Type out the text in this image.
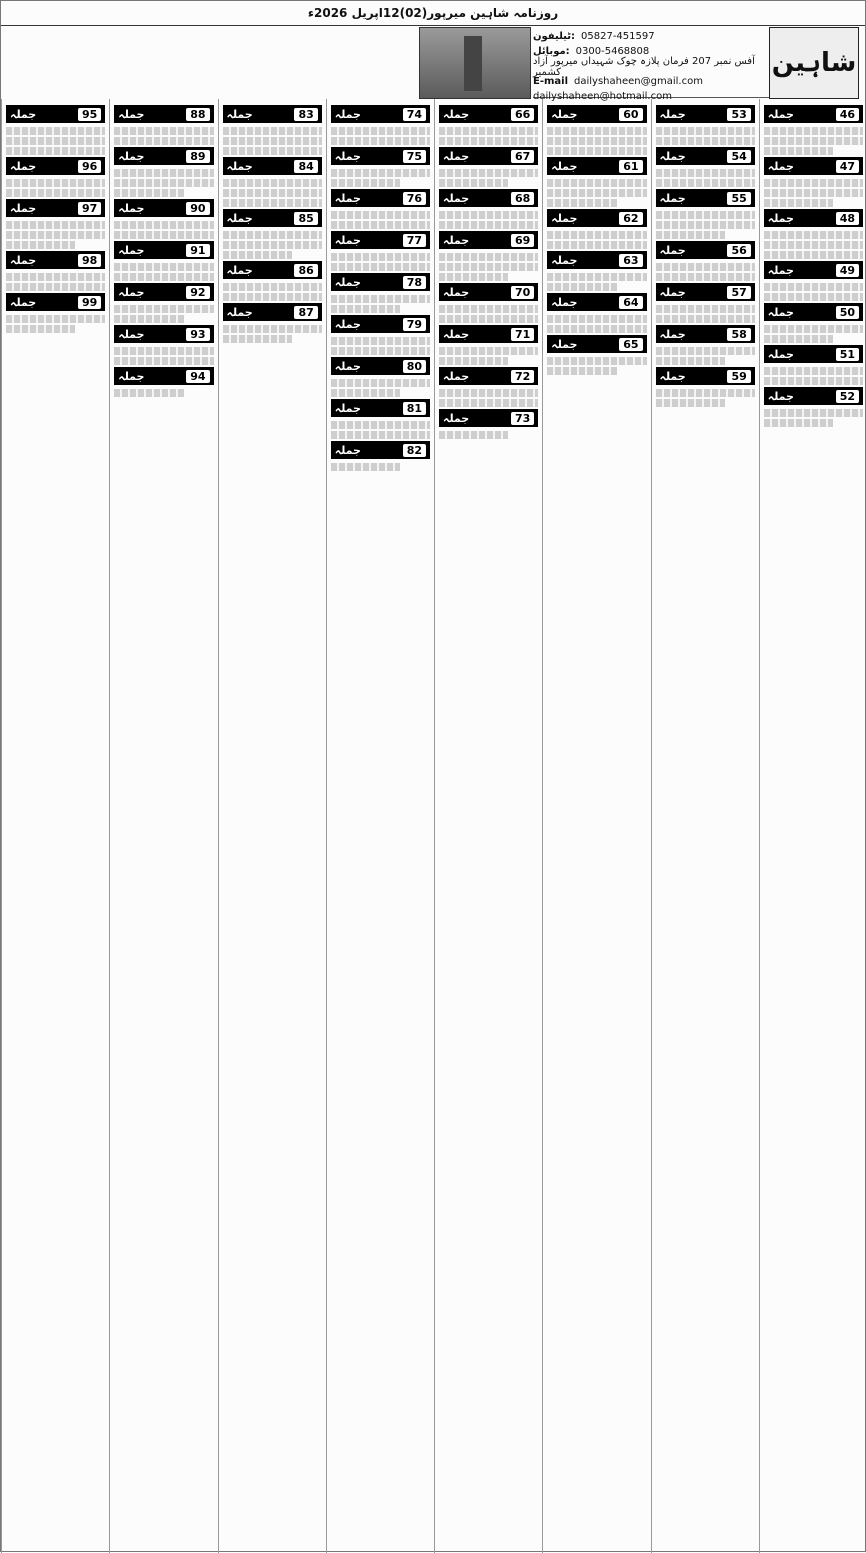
روزنامہ شاہین میرپور(02)12اپریل 2026ء
شاہین
ٹیلیفون: 05827-451597
موبائل: 0300-5468808
آفس نمبر 207 فرمان پلازہ چوک شہیداں میرپور آزاد کشمیر
E-mail dailyshaheen@gmail.com
dailyshaheen@hotmail.com
جملہ	46
جملہ	47
جملہ	48
جملہ	49
جملہ	50
جملہ	51
جملہ	52
جملہ	53
جملہ	54
جملہ	55
جملہ	56
جملہ	57
جملہ	58
جملہ	59
جملہ	60
جملہ	61
جملہ	62
جملہ	63
جملہ	64
جملہ	65
جملہ	66
جملہ	67
جملہ	68
جملہ	69
جملہ	70
جملہ	71
جملہ	72
جملہ	73
جملہ	74
جملہ	75
جملہ	76
جملہ	77
جملہ	78
جملہ	79
جملہ	80
جملہ	81
جملہ	82
جملہ	83
جملہ	84
جملہ	85
جملہ	86
جملہ	87
جملہ	88
جملہ	89
جملہ	90
جملہ	91
جملہ	92
جملہ	93
جملہ	94
جملہ	95
جملہ	96
جملہ	97
جملہ	98
جملہ	99
